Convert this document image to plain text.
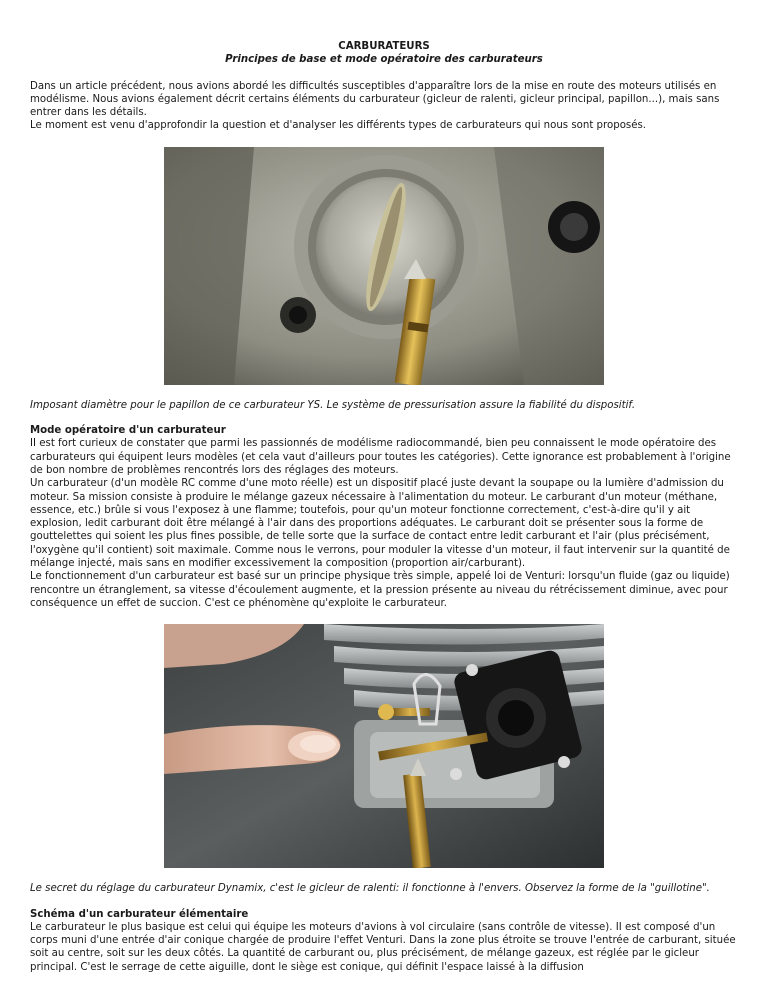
CARBURATEURS
Principes de base et mode opératoire des carburateurs

Dans un article précédent, nous avions abordé les difficultés susceptibles d'apparaître lors de la mise en route des moteurs utilisés en modélisme. Nous avions également décrit certains éléments du carburateur (gicleur de ralenti, gicleur principal, papillon...), mais sans entrer dans les détails.

Le moment est venu d'approfondir la question et d'analyser les différents types de carburateurs qui nous sont proposés.

Imposant diamètre pour le papillon de ce carburateur YS. Le système de pressurisation assure la fiabilité du dispositif.

Mode opératoire d'un carburateur

II est fort curieux de constater que parmi les passionnés de modélisme radiocommandé, bien peu connaissent le mode opératoire des carburateurs qui équipent leurs modèles (et cela vaut d'ailleurs pour toutes les catégories). Cette ignorance est probablement à l'origine de bon nombre de problèmes rencontrés lors des réglages des moteurs.

Un carburateur (d'un modèle RC comme d'une moto réelle) est un dispositif placé juste devant la soupape ou la lumière d'admission du moteur. Sa mission consiste à produire le mélange gazeux nécessaire à l'alimentation du moteur. Le carburant d'un moteur (méthane, essence, etc.) brûle si vous l'exposez à une flamme; toutefois, pour qu'un moteur fonctionne correctement, c'est-à-dire qu'il y ait explosion, ledit carburant doit être mélangé à l'air dans des proportions adéquates. Le carburant doit se présenter sous la forme de gouttelettes qui soient les plus fines possible, de telle sorte que la surface de contact entre ledit carburant et l'air (plus précisément, l'oxygène qu'il contient) soit maximale. Comme nous le verrons, pour moduler la vitesse d'un moteur, il faut intervenir sur la quantité de mélange injecté, mais sans en modifier excessivement la composition (proportion air/carburant).

Le fonctionnement d'un carburateur est basé sur un principe physique très simple, appelé loi de Venturi: lorsqu'un fluide (gaz ou liquide) rencontre un étranglement, sa vitesse d'écoulement augmente, et la pression présente au niveau du rétrécissement diminue, avec pour conséquence un effet de succion. C'est ce phénomène qu'exploite le carburateur.

Le secret du réglage du carburateur Dynamix, c'est le gicleur de ralenti: il fonctionne à l'envers. Observez la forme de la "guillotine".

Schéma d'un carburateur élémentaire

Le carburateur le plus basique est celui qui équipe les moteurs d'avions à vol circulaire (sans contrôle de vitesse). II est composé d'un corps muni d'une entrée d'air conique chargée de produire l'effet Venturi. Dans la zone plus étroite se trouve l'entrée de carburant, située soit au centre, soit sur les deux côtés. La quantité de carburant ou, plus précisément, de mélange gazeux, est réglée par le gicleur principal. C'est le serrage de cette aiguille, dont le siège est conique, qui définit l'espace laissé à la diffusion
